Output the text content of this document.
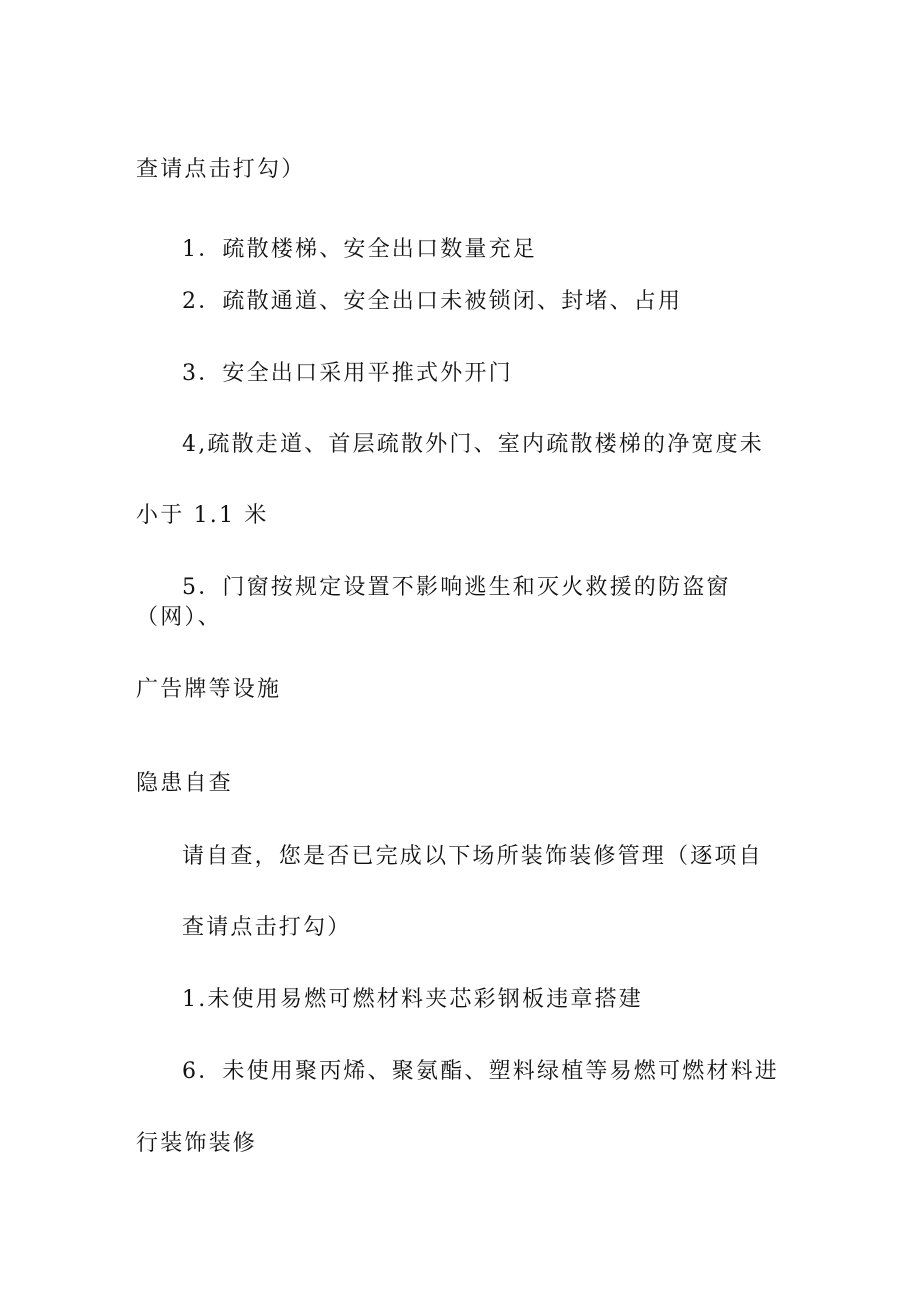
查请点击打勾）

1．疏散楼梯、安全出口数量充足

2．疏散通道、安全出口未被锁闭、封堵、占用

3．安全出口采用平推式外开门

4,疏散走道、首层疏散外门、室内疏散楼梯的净宽度未

小于 1.1 米

5．门窗按规定设置不影响逃生和灭火救援的防盗窗

（网）、

广告牌等设施

隐患自查

请自查，您是否已完成以下场所装饰装修管理（逐项自

查请点击打勾）

1.未使用易燃可燃材料夹芯彩钢板违章搭建

6．未使用聚丙烯、聚氨酯、塑料绿植等易燃可燃材料进

行装饰装修
